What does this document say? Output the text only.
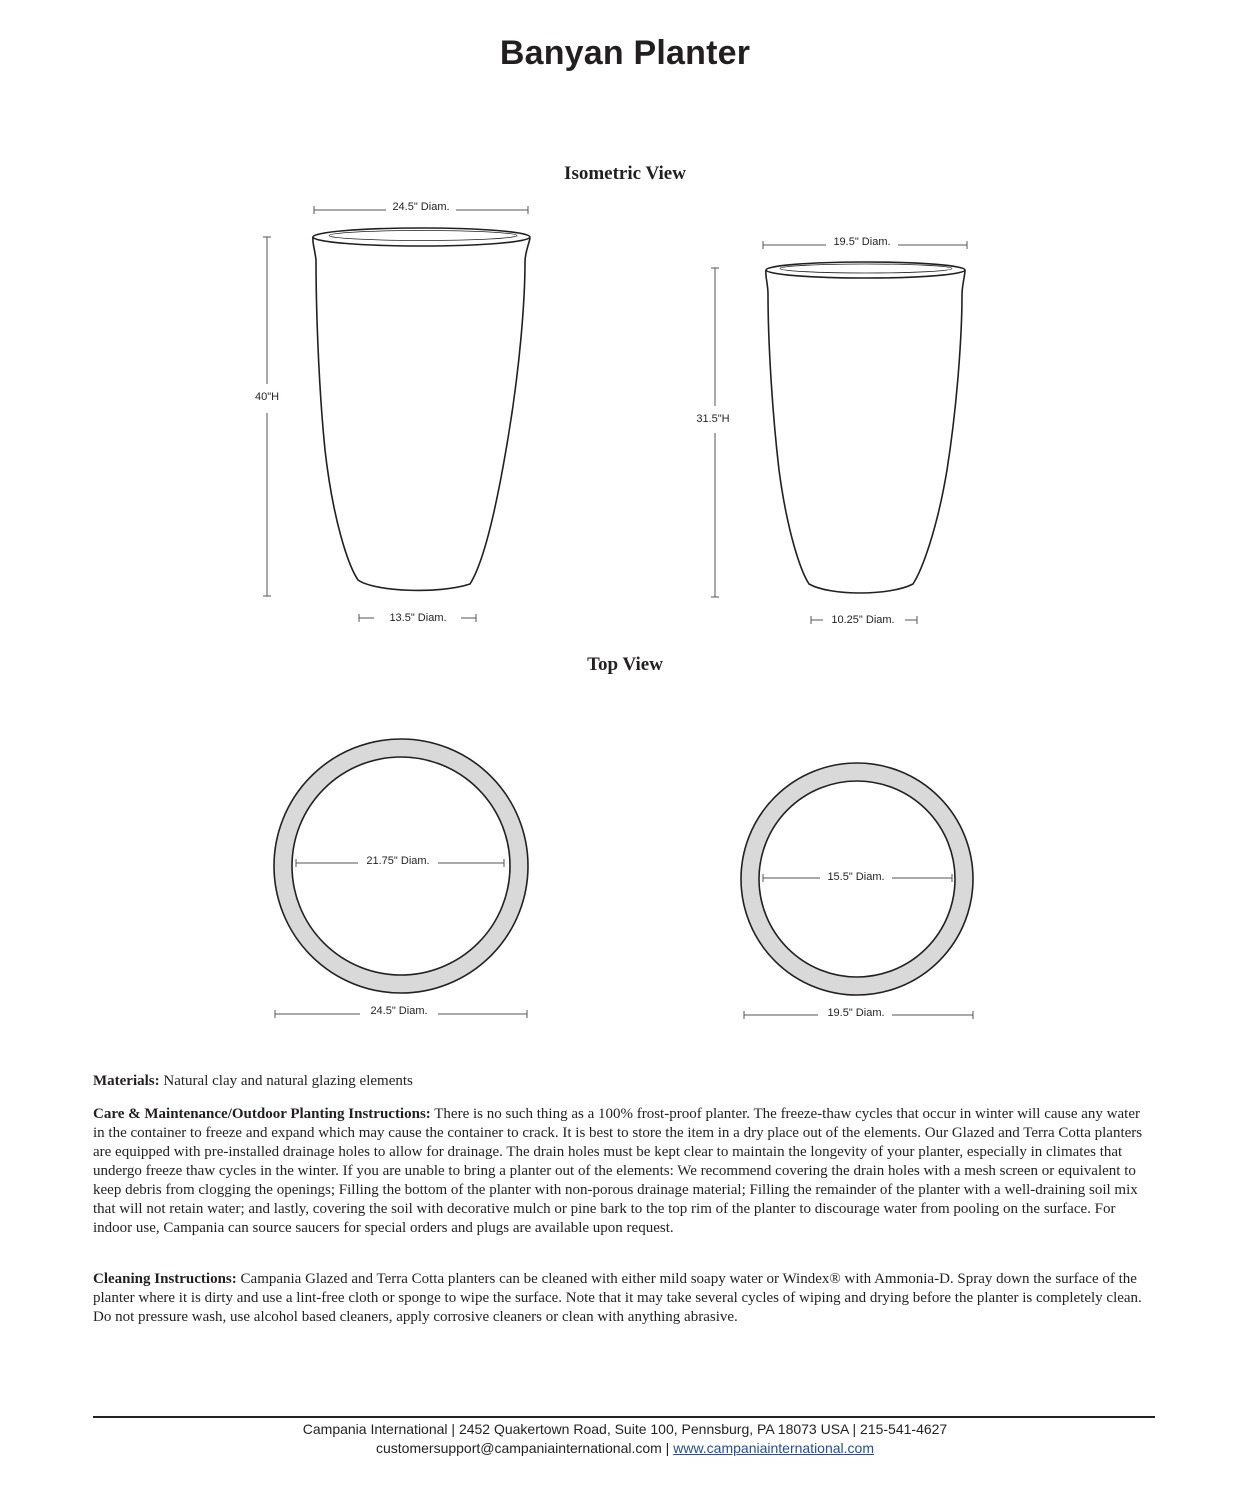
Banyan Planter
Isometric View
Top View
24.5" Diam.
40"H
13.5" Diam.
19.5" Diam.
31.5"H
10.25" Diam.
21.75" Diam.
24.5" Diam.
15.5" Diam.
19.5" Diam.

Materials: Natural clay and natural glazing elements

Care & Maintenance/Outdoor Planting Instructions: There is no such thing as a 100% frost-proof planter. The freeze-thaw cycles that occur in winter will cause any water in the container to freeze and expand which may cause the container to crack. It is best to store the item in a dry place out of the elements. Our Glazed and Terra Cotta planters are equipped with pre-installed drainage holes to allow for drainage. The drain holes must be kept clear to maintain the longevity of your planter, especially in climates that undergo freeze thaw cycles in the winter. If you are unable to bring a planter out of the elements: We recommend covering the drain holes with a mesh screen or equivalent to keep debris from clogging the openings; Filling the bottom of the planter with non-porous drainage material; Filling the remainder of the planter with a well-draining soil mix that will not retain water; and lastly, covering the soil with decorative mulch or pine bark to the top rim of the planter to discourage water from pooling on the surface. For indoor use, Campania can source saucers for special orders and plugs are available upon request.

Cleaning Instructions: Campania Glazed and Terra Cotta planters can be cleaned with either mild soapy water or Windex® with Ammonia-D. Spray down the surface of the planter where it is dirty and use a lint-free cloth or sponge to wipe the surface. Note that it may take several cycles of wiping and drying before the planter is completely clean. Do not pressure wash, use alcohol based cleaners, apply corrosive cleaners or clean with anything abrasive.

Campania International | 2452 Quakertown Road, Suite 100, Pennsburg, PA 18073 USA | 215-541-4627
customersupport@campaniainternational.com | www.campaniainternational.com
